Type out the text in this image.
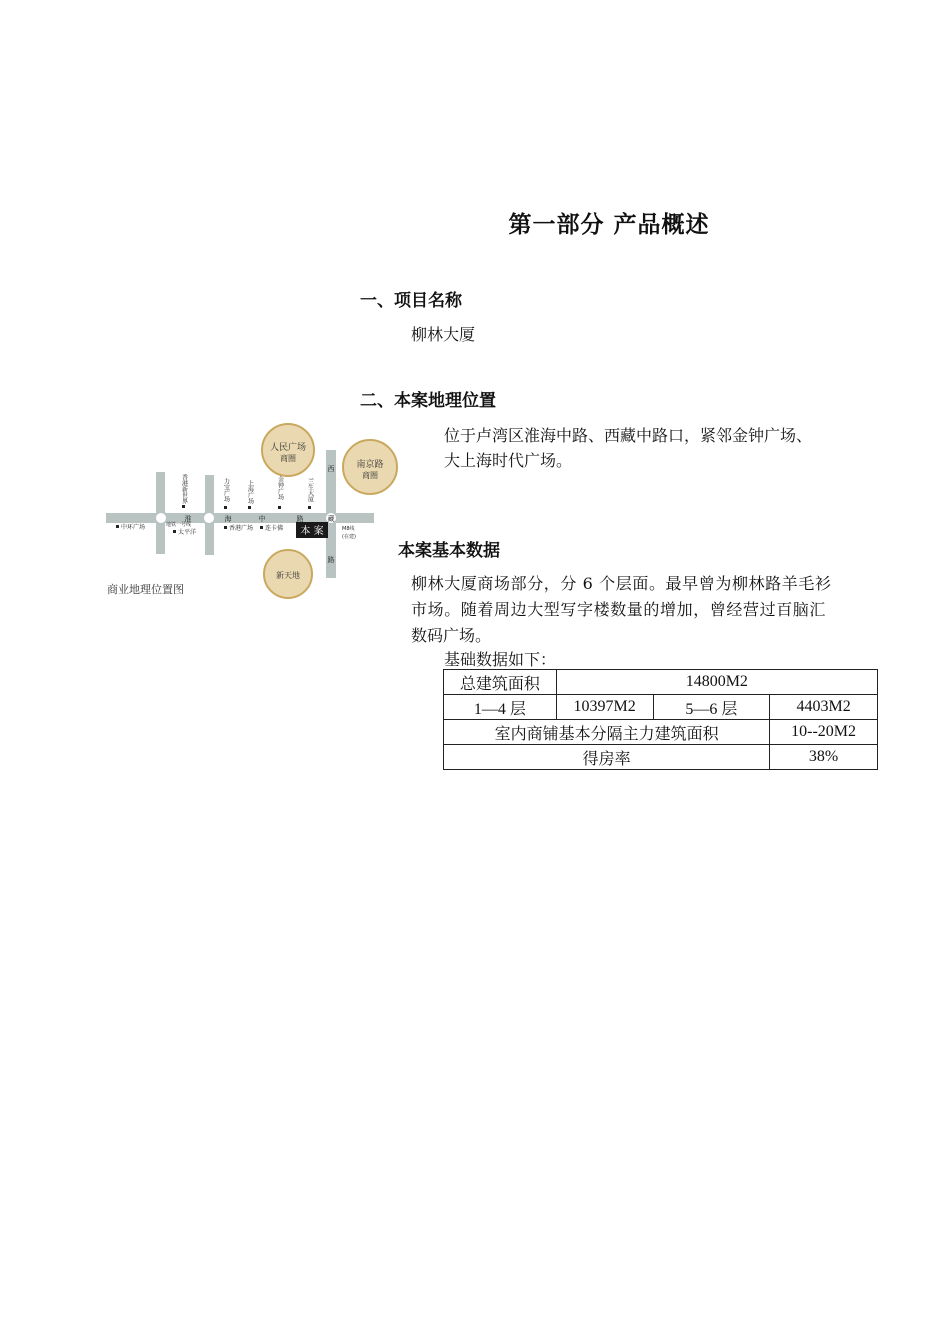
第一部分 产品概述
一、项目名称
柳林大厦
二、本案地理位置
位于卢湾区淮海中路、西藏中路口，紧邻金钟广场、
大上海时代广场。
本案基本数据
柳林大厦商场部分，分 6 个层面。最早曾为柳林路羊毛衫
市场。随着周边大型写字楼数量的增加，曾经营过百脑汇
数码广场。
基础数据如下：
总建筑面积	14800M2		
1—4 层	10397M2	5—6 层	4403M2
室内商铺基本分隔主力建筑面积			10--20M2
得房率			38%
人民广场
商圈
南京路
商圈
新天地
本 案
淮	海	中	路
西
藏
路
香港新世界	力宝广场	上海广场	金钟广场	兰生大厦
中环广场	地铁一号线
太平洋
香港广场 连卡佛	M8线
(在建)
商业地理位置图
